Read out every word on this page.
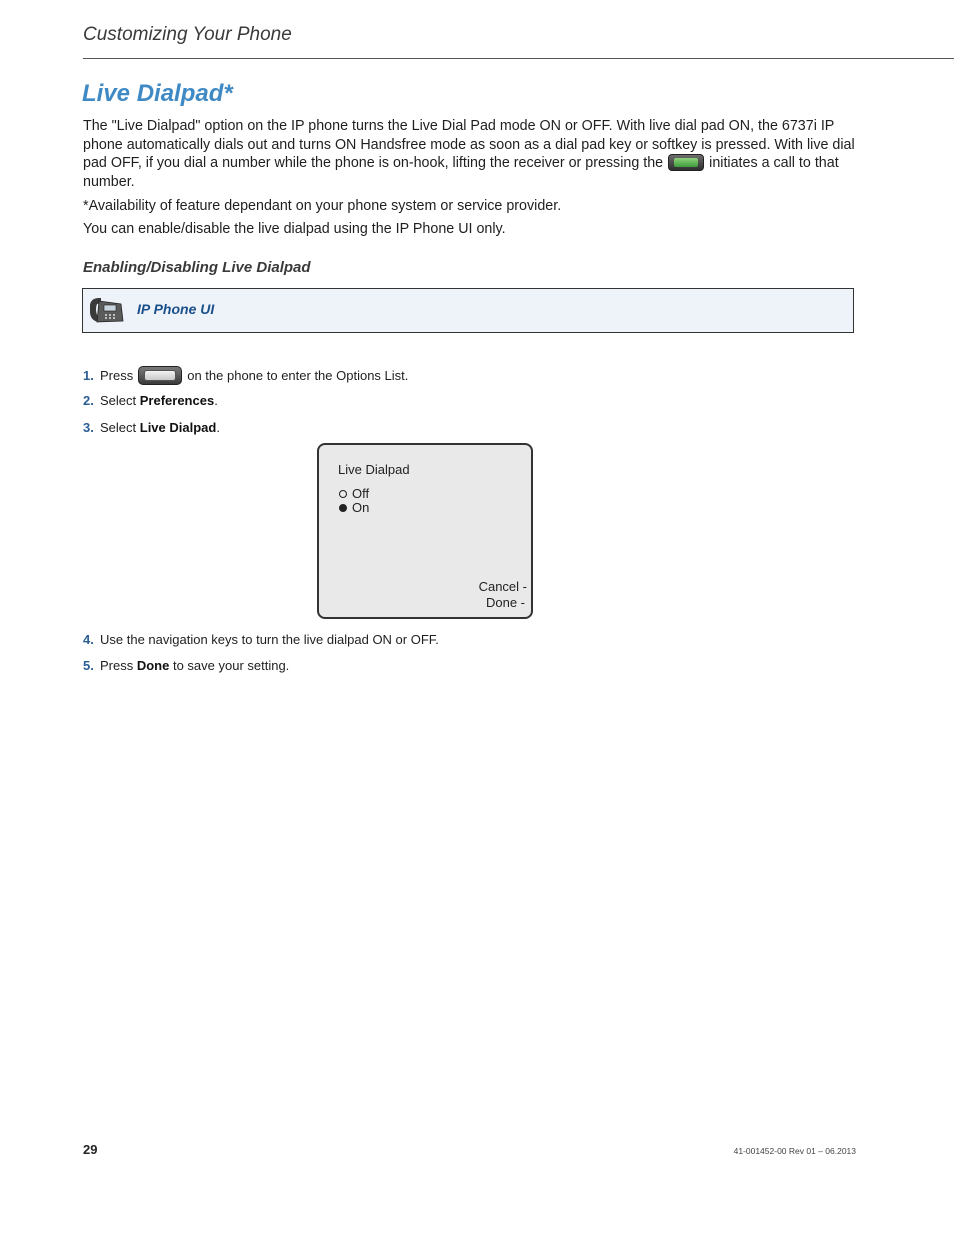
Customizing Your Phone
Live Dialpad*
The "Live Dialpad" option on the IP phone turns the Live Dial Pad mode ON or OFF. With live dial pad ON, the 6737i IP phone automatically dials out and turns ON Handsfree mode as soon as a dial pad key or softkey is pressed. With live dial pad OFF, if you dial a number while the phone is on-hook, lifting the receiver or pressing the	initiates a call to that number.
*Availability of feature dependant on your phone system or service provider.
You can enable/disable the live dialpad using the IP Phone UI only.
Enabling/Disabling Live Dialpad
IP Phone UI
1. Press	on the phone to enter the Options List.
2. Select Preferences.
3. Select Live Dialpad.
Live Dialpad
Off
On
Cancel -
Done -
4. Use the navigation keys to turn the live dialpad ON or OFF.
5. Press Done to save your setting.
29	41-001452-00 Rev 01 – 06.2013
